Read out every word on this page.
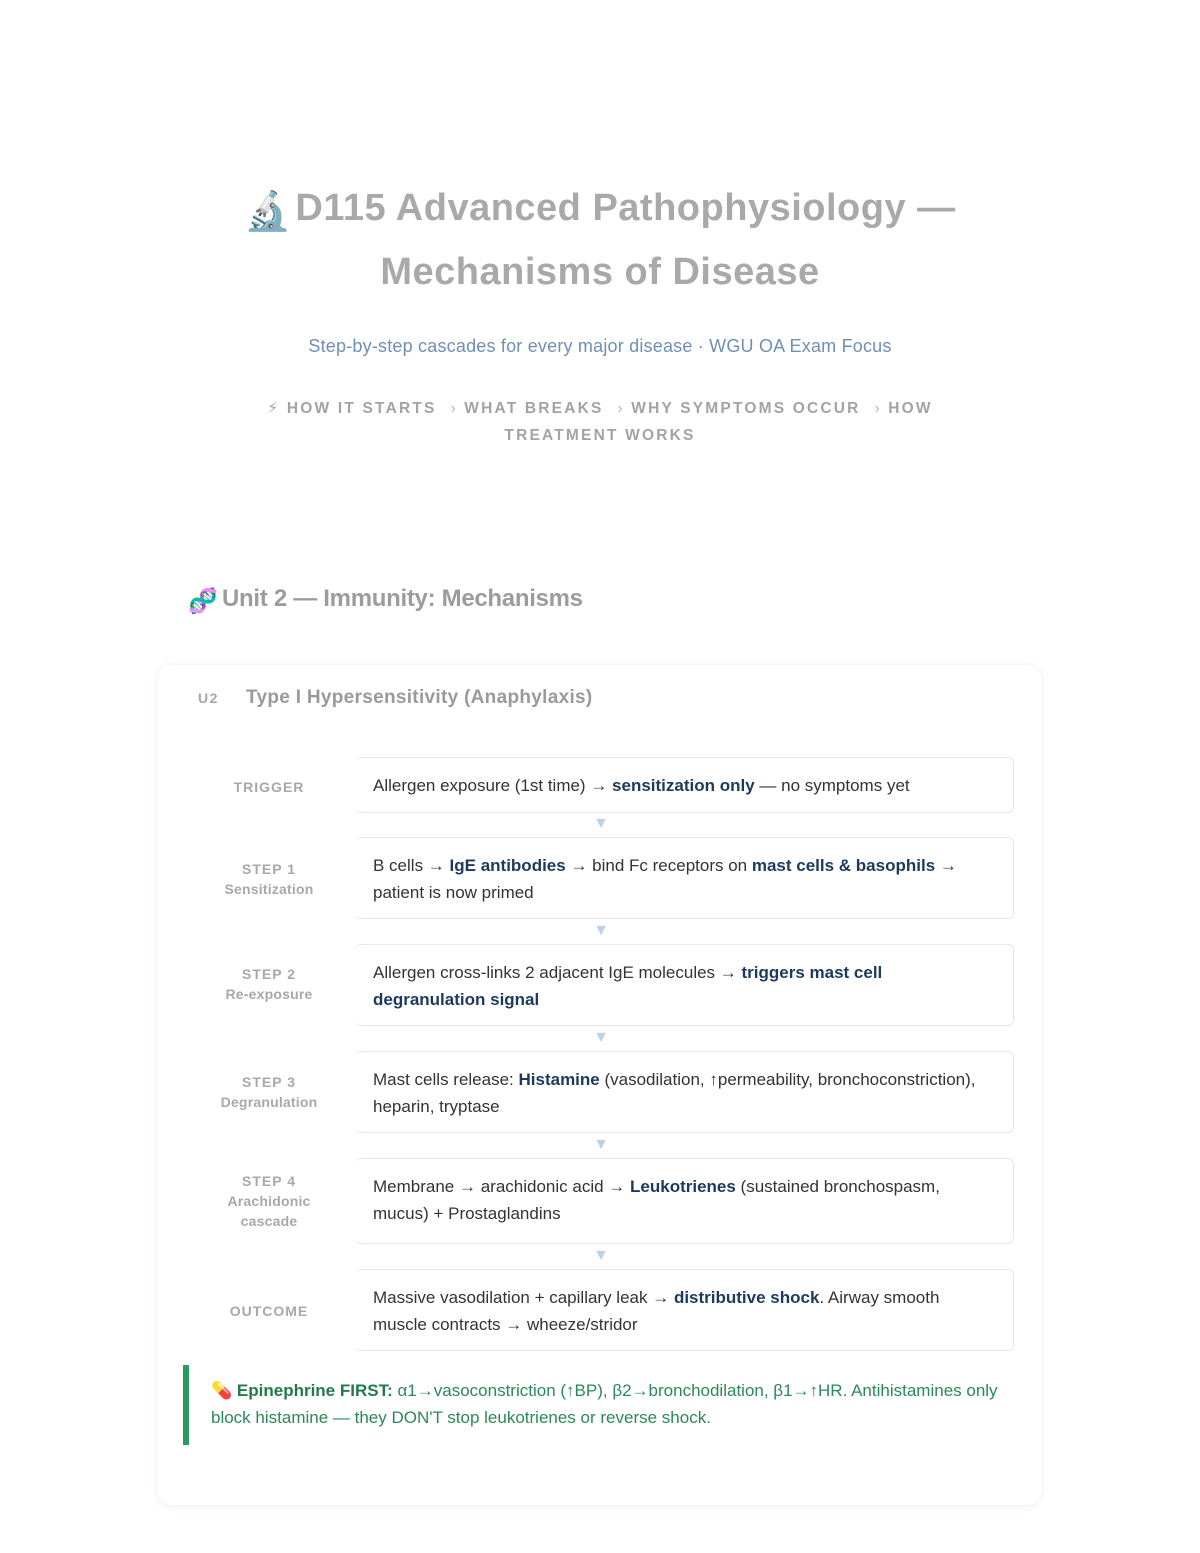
🔬 D115 Advanced Pathophysiology — Mechanisms of Disease
Step-by-step cascades for every major disease · WGU OA Exam Focus
⚡ HOW IT STARTS › WHAT BREAKS › WHY SYMPTOMS OCCUR › HOW TREATMENT WORKS
🧬 Unit 2 — Immunity: Mechanisms
U2	Type I Hypersensitivity (Anaphylaxis)
TRIGGER	Allergen exposure (1st time) → sensitization only — no symptoms yet
STEP 1
Sensitization
B cells → IgE antibodies → bind Fc receptors on mast cells & basophils → patient is now primed
STEP 2
Re-exposure
Allergen cross-links 2 adjacent IgE molecules → triggers mast cell degranulation signal
STEP 3
Degranulation
Mast cells release: Histamine (vasodilation, ↑permeability, bronchoconstriction), heparin, tryptase
STEP 4
Arachidonic cascade
Membrane → arachidonic acid → Leukotrienes (sustained bronchospasm, mucus) + Prostaglandins
OUTCOME
Massive vasodilation + capillary leak → distributive shock. Airway smooth muscle contracts → wheeze/stridor
▼
▼
▼
▼
▼
💊 Epinephrine FIRST: α1→vasoconstriction (↑BP), β2→bronchodilation, β1→↑HR. Antihistamines only block histamine — they DON'T stop leukotrienes or reverse shock.
